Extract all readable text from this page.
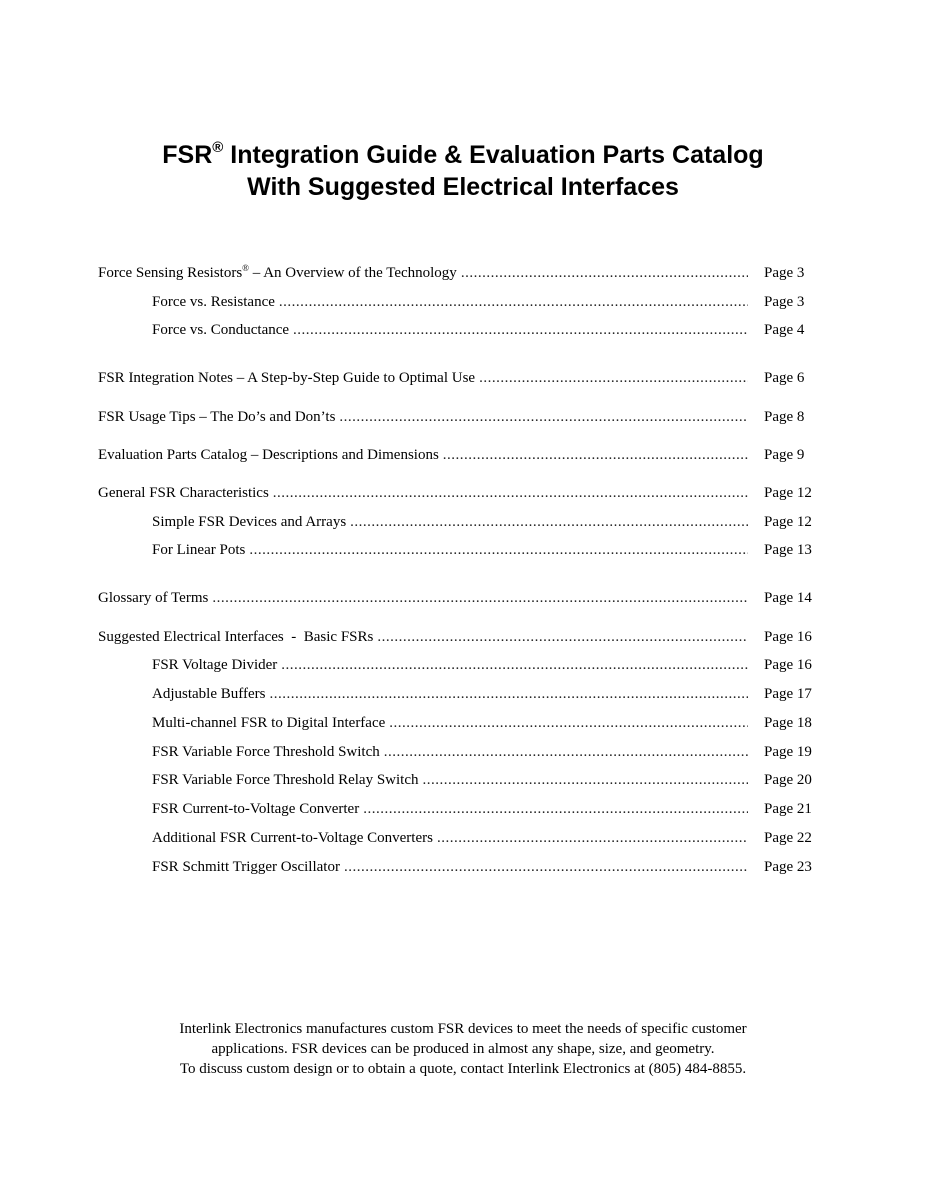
FSR® Integration Guide & Evaluation Parts Catalog
With Suggested Electrical Interfaces
Force Sensing Resistors® – An Overview of the Technology .....	Page 3
Force vs. Resistance .....	Page 3
Force vs. Conductance .....	Page 4
FSR Integration Notes – A Step-by-Step Guide to Optimal Use .....	Page 6
FSR Usage Tips – The Do’s and Don’ts .....	Page 8
Evaluation Parts Catalog – Descriptions and Dimensions .....	Page 9
General FSR Characteristics .....	Page 12
Simple FSR Devices and Arrays .....	Page 12
For Linear Pots .....	Page 13
Glossary of Terms .....	Page 14
Suggested Electrical Interfaces  -  Basic FSRs .....	Page 16
FSR Voltage Divider .....	Page 16
Adjustable Buffers .....	Page 17
Multi-channel FSR to Digital Interface .....	Page 18
FSR Variable Force Threshold Switch .....	Page 19
FSR Variable Force Threshold Relay Switch .....	Page 20
FSR Current-to-Voltage Converter .....	Page 21
Additional FSR Current-to-Voltage Converters .....	Page 22
FSR Schmitt Trigger Oscillator .....	Page 23
Interlink Electronics manufactures custom FSR devices to meet the needs of specific customer
applications. FSR devices can be produced in almost any shape, size, and geometry.
To discuss custom design or to obtain a quote, contact Interlink Electronics at (805) 484-8855.
